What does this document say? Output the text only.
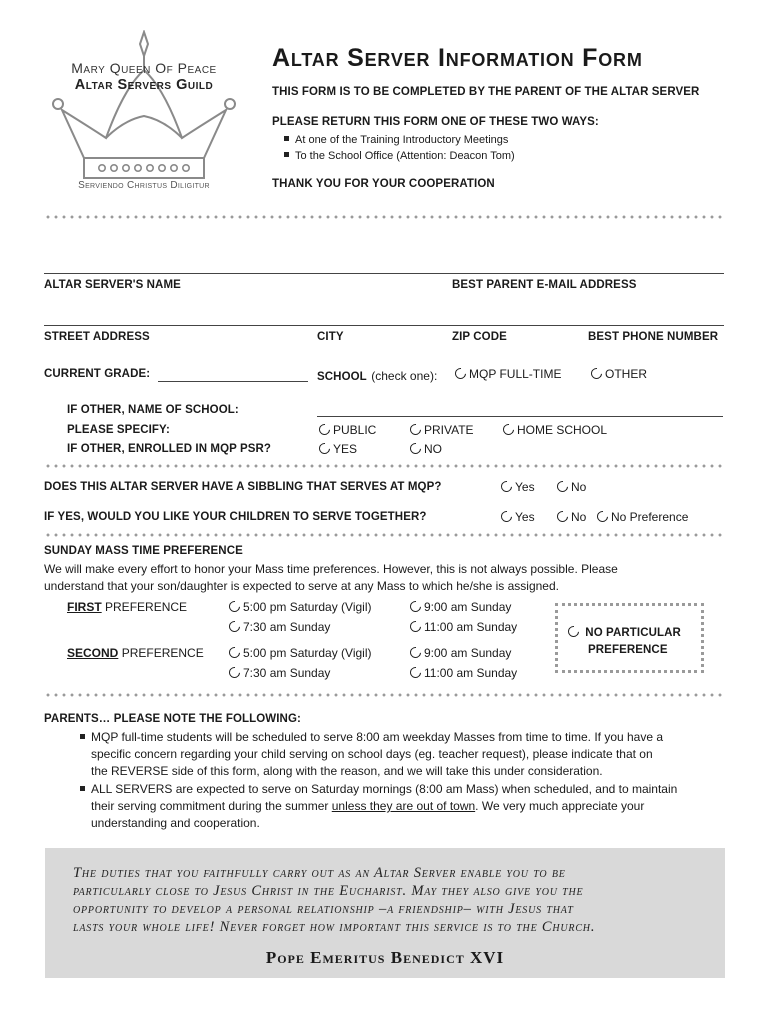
Mary Queen Of Peace
Altar Servers Guild
Serviendo Christus Diligitur
Altar Server Information Form
THIS FORM IS TO BE COMPLETED BY THE PARENT OF THE ALTAR SERVER
PLEASE RETURN THIS FORM ONE OF THESE TWO WAYS:
At one of the Training Introductory Meetings
To the School Office (Attention: Deacon Tom)
THANK YOU FOR YOUR COOPERATION
ALTAR SERVER'S NAME	BEST PARENT E-MAIL ADDRESS
STREET ADDRESS	CITY	ZIP CODE	BEST PHONE NUMBER
CURRENT GRADE:	SCHOOL (check one):	MQP FULL-TIME	OTHER
IF OTHER, NAME OF SCHOOL:
PLEASE SPECIFY:	PUBLIC	PRIVATE	HOME SCHOOL
IF OTHER, ENROLLED IN MQP PSR?	YES	NO
DOES THIS ALTAR SERVER HAVE A SIBBLING THAT SERVES AT MQP?	Yes	No
IF YES, WOULD YOU LIKE YOUR CHILDREN TO SERVE TOGETHER?	Yes	No	No Preference
SUNDAY MASS TIME PREFERENCE
We will make every effort to honor your Mass time preferences. However, this is not always possible. Please
understand that your son/daughter is expected to serve at any Mass to which he/she is assigned.
FIRST PREFERENCE	5:00 pm Saturday (Vigil)	9:00 am Sunday
7:30 am Sunday	11:00 am Sunday
SECOND PREFERENCE	5:00 pm Saturday (Vigil)	9:00 am Sunday
7:30 am Sunday	11:00 am Sunday
NO PARTICULAR
PREFERENCE
PARENTS… PLEASE NOTE THE FOLLOWING:
MQP full-time students will be scheduled to serve 8:00 am weekday Masses from time to time. If you have a
specific concern regarding your child serving on school days (eg. teacher request), please indicate that on
the REVERSE side of this form, along with the reason, and we will take this under consideration.
ALL SERVERS are expected to serve on Saturday mornings (8:00 am Mass) when scheduled, and to maintain
their serving commitment during the summer unless they are out of town. We very much appreciate your
understanding and cooperation.
The duties that you faithfully carry out as an Altar Server enable you to be
particularly close to Jesus Christ in the Eucharist. May they also give you the
opportunity to develop a personal relationship –a friendship– with Jesus that
lasts your whole life! Never forget how important this service is to the Church.
Pope Emeritus Benedict XVI
